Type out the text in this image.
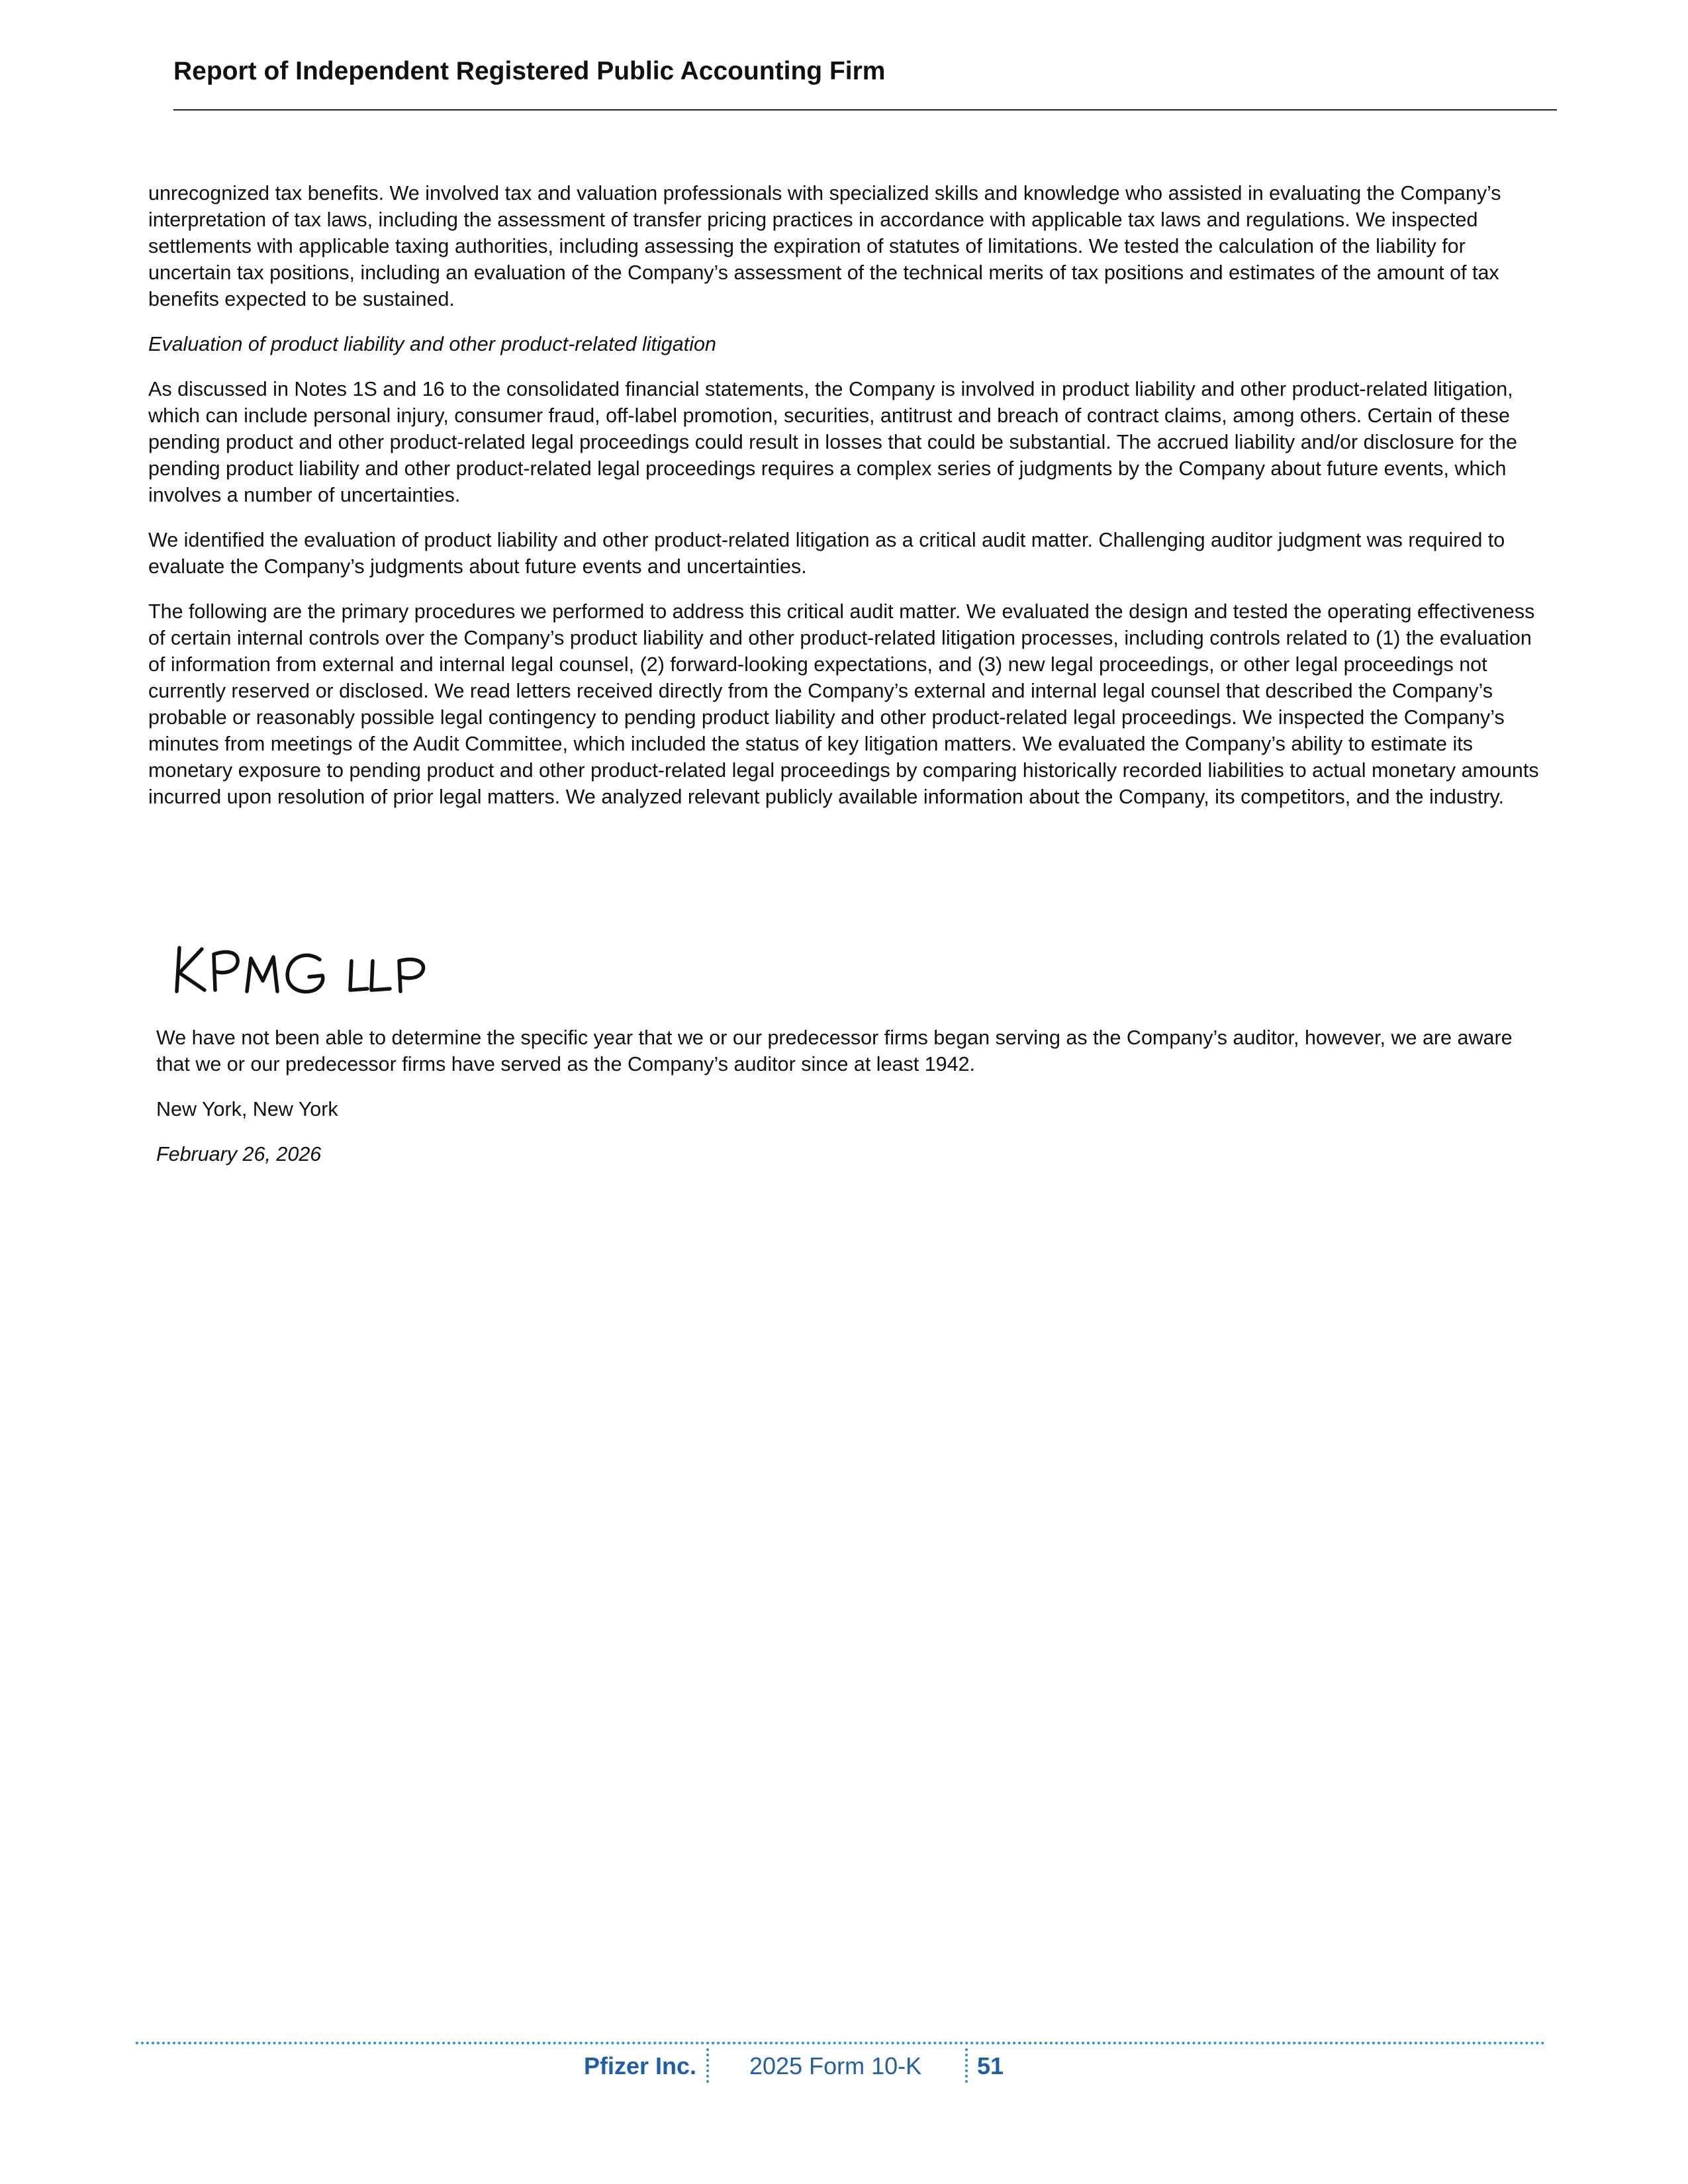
Report of Independent Registered Public Accounting Firm

unrecognized tax benefits. We involved tax and valuation professionals with specialized skills and knowledge who assisted in evaluating the Company’s interpretation of tax laws, including the assessment of transfer pricing practices in accordance with applicable tax laws and regulations. We inspected settlements with applicable taxing authorities, including assessing the expiration of statutes of limitations. We tested the calculation of the liability for uncertain tax positions, including an evaluation of the Company’s assessment of the technical merits of tax positions and estimates of the amount of tax benefits expected to be sustained.

Evaluation of product liability and other product-related litigation

As discussed in Notes 1S and 16 to the consolidated financial statements, the Company is involved in product liability and other product-related litigation, which can include personal injury, consumer fraud, off-label promotion, securities, antitrust and breach of contract claims, among others. Certain of these pending product and other product-related legal proceedings could result in losses that could be substantial. The accrued liability and/or disclosure for the pending product liability and other product-related legal proceedings requires a complex series of judgments by the Company about future events, which involves a number of uncertainties.

We identified the evaluation of product liability and other product-related litigation as a critical audit matter. Challenging auditor judgment was required to evaluate the Company’s judgments about future events and uncertainties.

The following are the primary procedures we performed to address this critical audit matter. We evaluated the design and tested the operating effectiveness of certain internal controls over the Company’s product liability and other product-related litigation processes, including controls related to (1) the evaluation of information from external and internal legal counsel, (2) forward-looking expectations, and (3) new legal proceedings, or other legal proceedings not currently reserved or disclosed. We read letters received directly from the Company’s external and internal legal counsel that described the Company’s probable or reasonably possible legal contingency to pending product liability and other product-related legal proceedings. We inspected the Company’s minutes from meetings of the Audit Committee, which included the status of key litigation matters. We evaluated the Company’s ability to estimate its monetary exposure to pending product and other product-related legal proceedings by comparing historically recorded liabilities to actual monetary amounts incurred upon resolution of prior legal matters. We analyzed relevant publicly available information about the Company, its competitors, and the industry.

We have not been able to determine the specific year that we or our predecessor firms began serving as the Company’s auditor, however, we are aware that we or our predecessor firms have served as the Company’s auditor since at least 1942.

New York, New York

February 26, 2026

Pfizer Inc. 2025 Form 10-K 51
